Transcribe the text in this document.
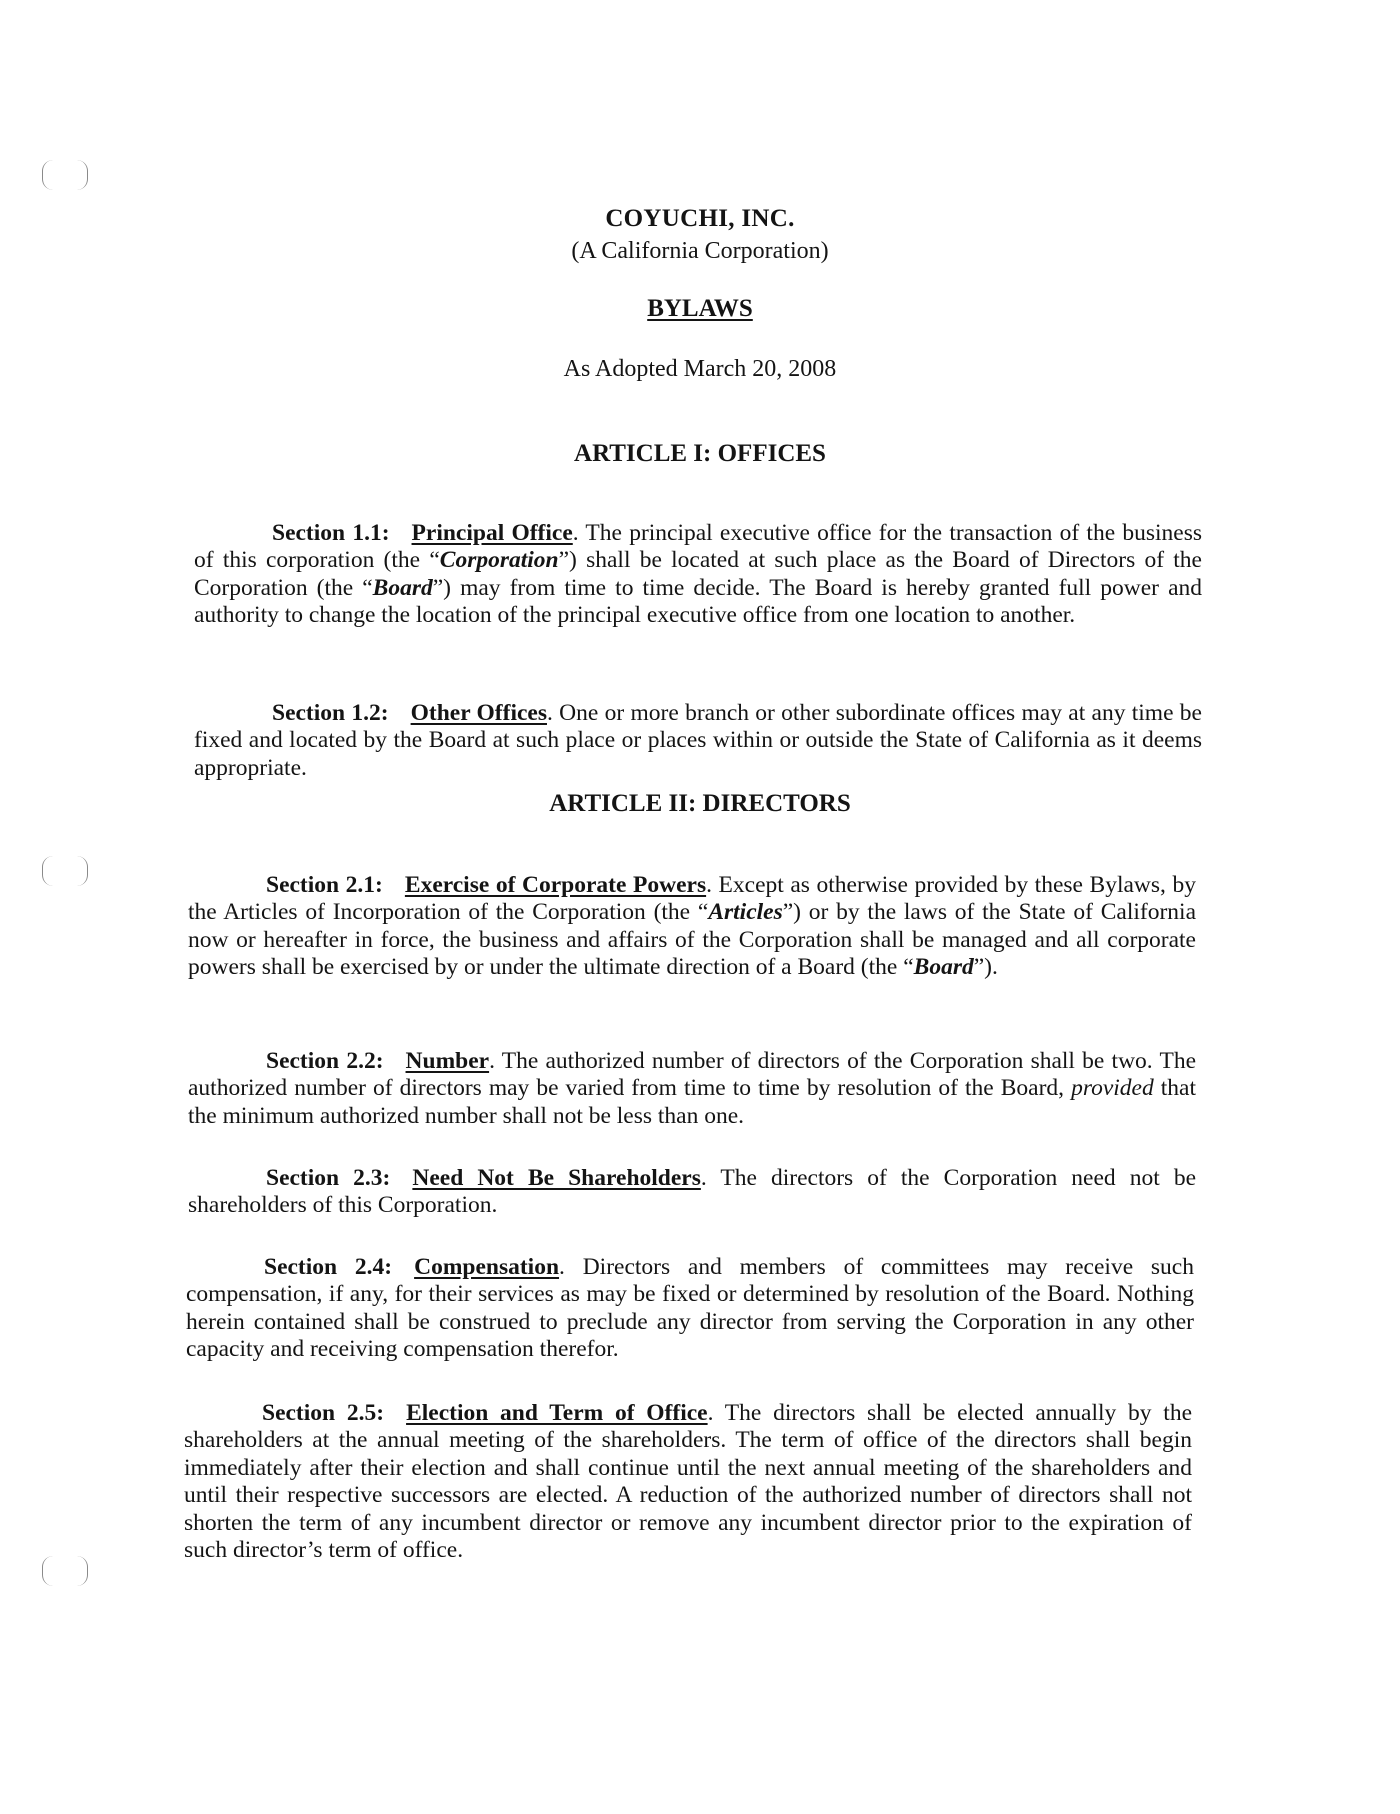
COYUCHI, INC.
(A California Corporation)
BYLAWS
As Adopted March 20, 2008
ARTICLE I: OFFICES

Section 1.1: Principal Office. The principal executive office for the transaction of the business of this corporation (the “Corporation”) shall be located at such place as the Board of Directors of the Corporation (the “Board”) may from time to time decide. The Board is hereby granted full power and authority to change the location of the principal executive office from one location to another.

Section 1.2: Other Offices. One or more branch or other subordinate offices may at any time be fixed and located by the Board at such place or places within or outside the State of California as it deems appropriate.

ARTICLE II: DIRECTORS

Section 2.1: Exercise of Corporate Powers. Except as otherwise provided by these Bylaws, by the Articles of Incorporation of the Corporation (the “Articles”) or by the laws of the State of California now or hereafter in force, the business and affairs of the Corporation shall be managed and all corporate powers shall be exercised by or under the ultimate direction of a Board (the “Board”).

Section 2.2: Number. The authorized number of directors of the Corporation shall be two. The authorized number of directors may be varied from time to time by resolution of the Board, provided that the minimum authorized number shall not be less than one.

Section 2.3: Need Not Be Shareholders. The directors of the Corporation need not be shareholders of this Corporation.

Section 2.4: Compensation. Directors and members of committees may receive such compensation, if any, for their services as may be fixed or determined by resolution of the Board. Nothing herein contained shall be construed to preclude any director from serving the Corporation in any other capacity and receiving compensation therefor.

Section 2.5: Election and Term of Office. The directors shall be elected annually by the shareholders at the annual meeting of the shareholders. The term of office of the directors shall begin immediately after their election and shall continue until the next annual meeting of the shareholders and until their respective successors are elected. A reduction of the authorized number of directors shall not shorten the term of any incumbent director or remove any incumbent director prior to the expiration of such director’s term of office.
